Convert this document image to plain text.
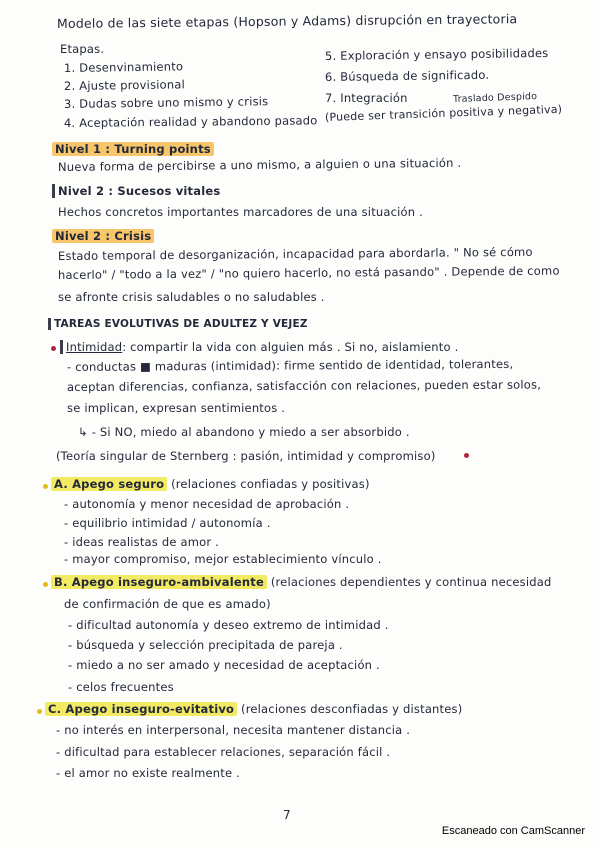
Modelo de las siete etapas (Hopson y Adams) disrupción en trayectoria
Etapas.
1. Desenvinamiento
2. Ajuste provisional
3. Dudas sobre uno mismo y crisis
4. Aceptación realidad y abandono pasado
5. Exploración y ensayo posibilidades
6. Búsqueda de significado.
7. Integración	Traslado Despido
(Puede ser transición positiva y negativa)
Nivel 1 : Turning points
Nueva forma de percibirse a uno mismo, a alguien o una situación .
Nivel 2 : Sucesos vitales
Hechos concretos importantes marcadores de una situación .
Nivel 2 : Crisis
Estado temporal de desorganización, incapacidad para abordarla. " No sé cómo
hacerlo" / "todo a la vez" / "no quiero hacerlo, no está pasando" . Depende de como
se afronte crisis saludables o no saludables .
TAREAS EVOLUTIVAS DE ADULTEZ Y VEJEZ
Intimidad: compartir la vida con alguien más . Si no, aislamiento .
- conductas ■ maduras (intimidad): firme sentido de identidad, tolerantes,
aceptan diferencias, confianza, satisfacción con relaciones, pueden estar solos,
se implican, expresan sentimientos .
↳ - Si NO, miedo al abandono y miedo a ser absorbido .
(Teoría singular de Sternberg : pasión, intimidad y compromiso)
A. Apego seguro (relaciones confiadas y positivas)
- autonomía y menor necesidad de aprobación .
- equilibrio intimidad / autonomía .
- ideas realistas de amor .
- mayor compromiso, mejor establecimiento vínculo .
B. Apego inseguro-ambivalente (relaciones dependientes y continua necesidad
de confirmación de que es amado)
- dificultad autonomía y deseo extremo de intimidad .
- búsqueda y selección precipitada de pareja .
- miedo a no ser amado y necesidad de aceptación .
- celos frecuentes
C. Apego inseguro-evitativo (relaciones desconfiadas y distantes)
- no interés en interpersonal, necesita mantener distancia .
- dificultad para establecer relaciones, separación fácil .
- el amor no existe realmente .
7
Escaneado con CamScanner
